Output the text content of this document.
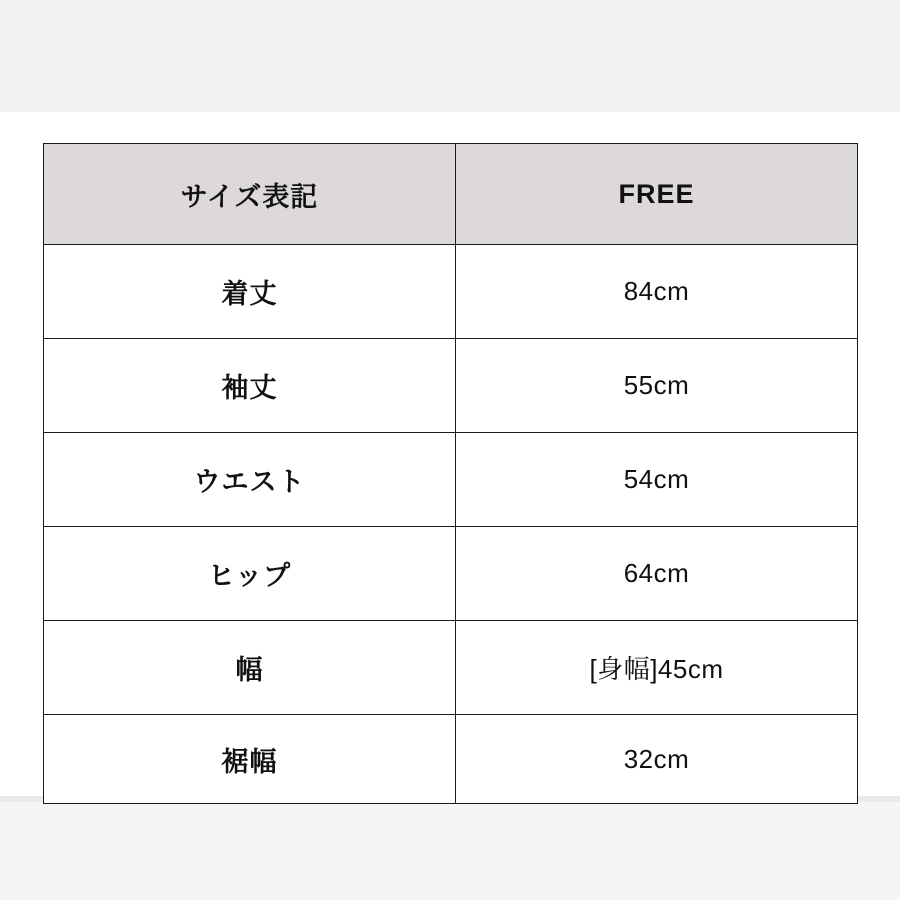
サイズ表記	FREE
着丈	84cm
袖丈	55cm
ウエスト	54cm
ヒップ	64cm
幅	[身幅]45cm
裾幅	32cm
